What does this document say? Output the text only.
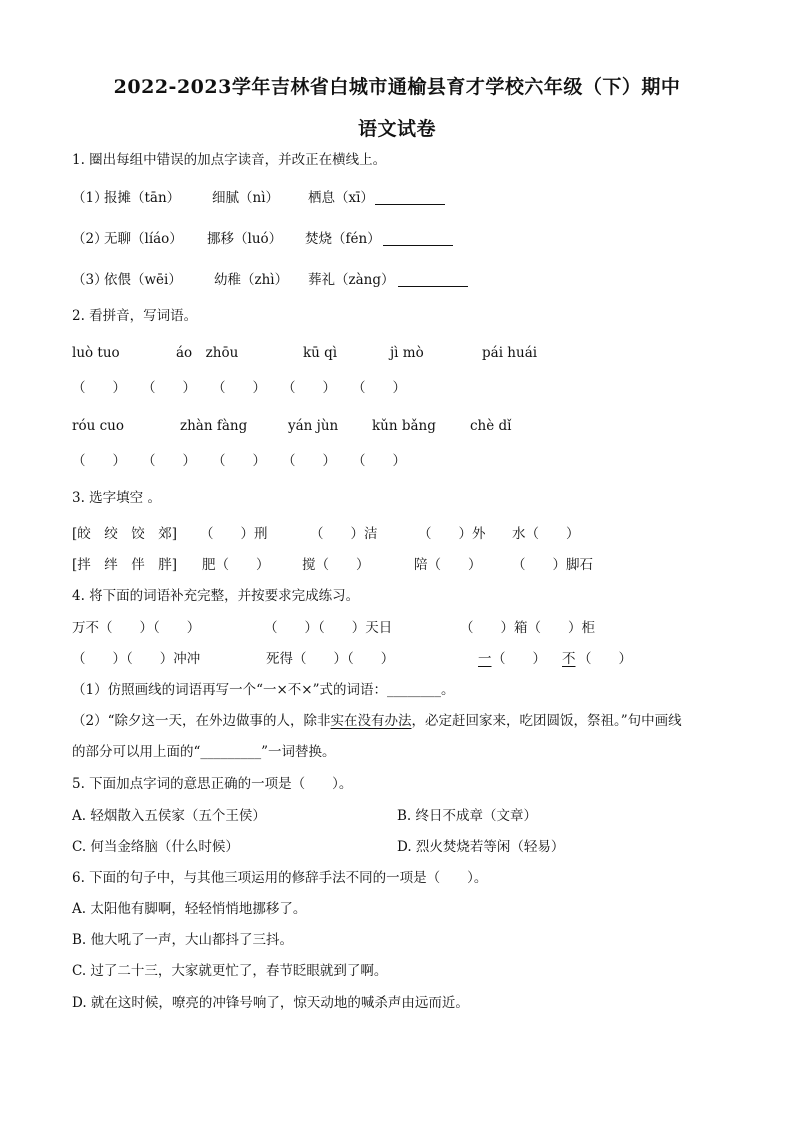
2022-2023学年吉林省白城市通榆县育才学校六年级（下）期中
语文试卷
1. 圈出每组中错误的加点字读音，并改正在横线上。
（1）
报摊（tān） 细腻（nì） 栖息（xī）
（2）
无聊（líáo） 挪移（luó） 焚烧（fén）
（3）
依偎（wēi） 幼稚（zhì） 葬礼（zàng）
2. 看拼音，写词语。
luò tuo	áo　zhōu	kū qì	jì mò	pái huái
（　　） （　　） （　　） （　　） （　　）
róu cuo	zhàn fàng	yán jùn	kǔn bǎng	chè dǐ
（　　） （　　） （　　） （　　） （　　）
3. 选字填空 。
[皎　绞　饺　郊] （　　）刑	（　　）洁	（　　）外 水（　　）
[拌　绊　伴　胖] 肥（　　） 搅（　　）	陪（　　） （　　）脚石
4. 将下面的词语补充完整，并按要求完成练习。
万不（　　）（　　）	（　　）（　　）天日	（　　）箱（　　）柜
（　　）（　　）冲冲	死得（　　）（　　）	一 （　　） 不 （　　）
（1）仿照画线的词语再写一个“一×不×”式的词语：________。
（2）“除夕这一天，在外边做事的人，除非实在没有办法，必定赶回家来，吃团圆饭，祭祖。”句中画线
的部分可以用上面的“_________”一词替换。
5. 下面加点字词的意思正确的一项是（　　）。
A. 轻烟散入五侯家（五个王侯）	B. 终日不成章（文章）
C. 何当金络脑（什么时候）	D. 烈火焚烧若等闲（轻易）
6. 下面的句子中，与其他三项运用的修辞手法不同的一项是（　　）。
A. 太阳他有脚啊，轻轻悄悄地挪移了。
B. 他大吼了一声，大山都抖了三抖。
C. 过了二十三，大家就更忙了，春节眨眼就到了啊。
D. 就在这时候，嘹亮的冲锋号响了，惊天动地的喊杀声由远而近。
